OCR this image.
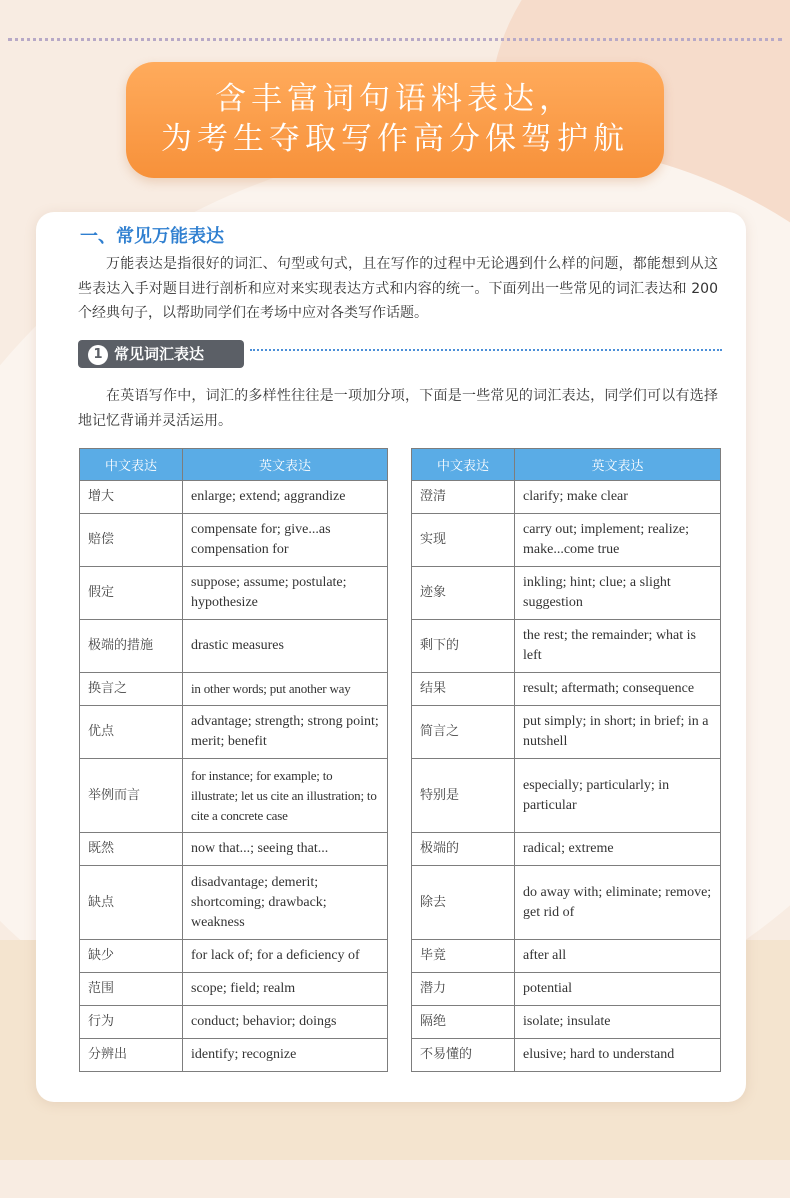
含丰富词句语料表达，
为考生夺取写作高分保驾护航
一、常见万能表达

万能表达是指很好的词汇、句型或句式，且在写作的过程中无论遇到什么样的问题，都能想到从这些表达入手对题目进行剖析和应对来实现表达方式和内容的统一。下面列出一些常见的词汇表达和 200 个经典句子，以帮助同学们在考场中应对各类写作话题。

1 常见词汇表达

在英语写作中，词汇的多样性往往是一项加分项，下面是一些常见的词汇表达，同学们可以有选择地记忆背诵并灵活运用。

中文表达	英文表达
增大	enlarge; extend; aggrandize
赔偿	compensate for; give...as compensation for
假定	suppose; assume; postulate; hypothesize
极端的措施	drastic measures
换言之	in other words; put another way
优点	advantage; strength; strong point; merit; benefit
举例而言	for instance; for example; to illustrate; let us cite an illustration; to cite a concrete case
既然	now that...; seeing that...
缺点	disadvantage; demerit; shortcoming; drawback; weakness
缺少	for lack of; for a deficiency of
范围	scope; field; realm
行为	conduct; behavior; doings
分辨出	identify; recognize
中文表达	英文表达
澄清	clarify; make clear
实现	carry out; implement; realize; make...come true
迹象	inkling; hint; clue; a slight suggestion
剩下的	the rest; the remainder; what is left
结果	result; aftermath; consequence
简言之	put simply; in short; in brief; in a nutshell
特别是	especially; particularly; in particular
极端的	radical; extreme
除去	do away with; eliminate; remove; get rid of
毕竟	after all
潜力	potential
隔绝	isolate; insulate
不易懂的	elusive; hard to understand
